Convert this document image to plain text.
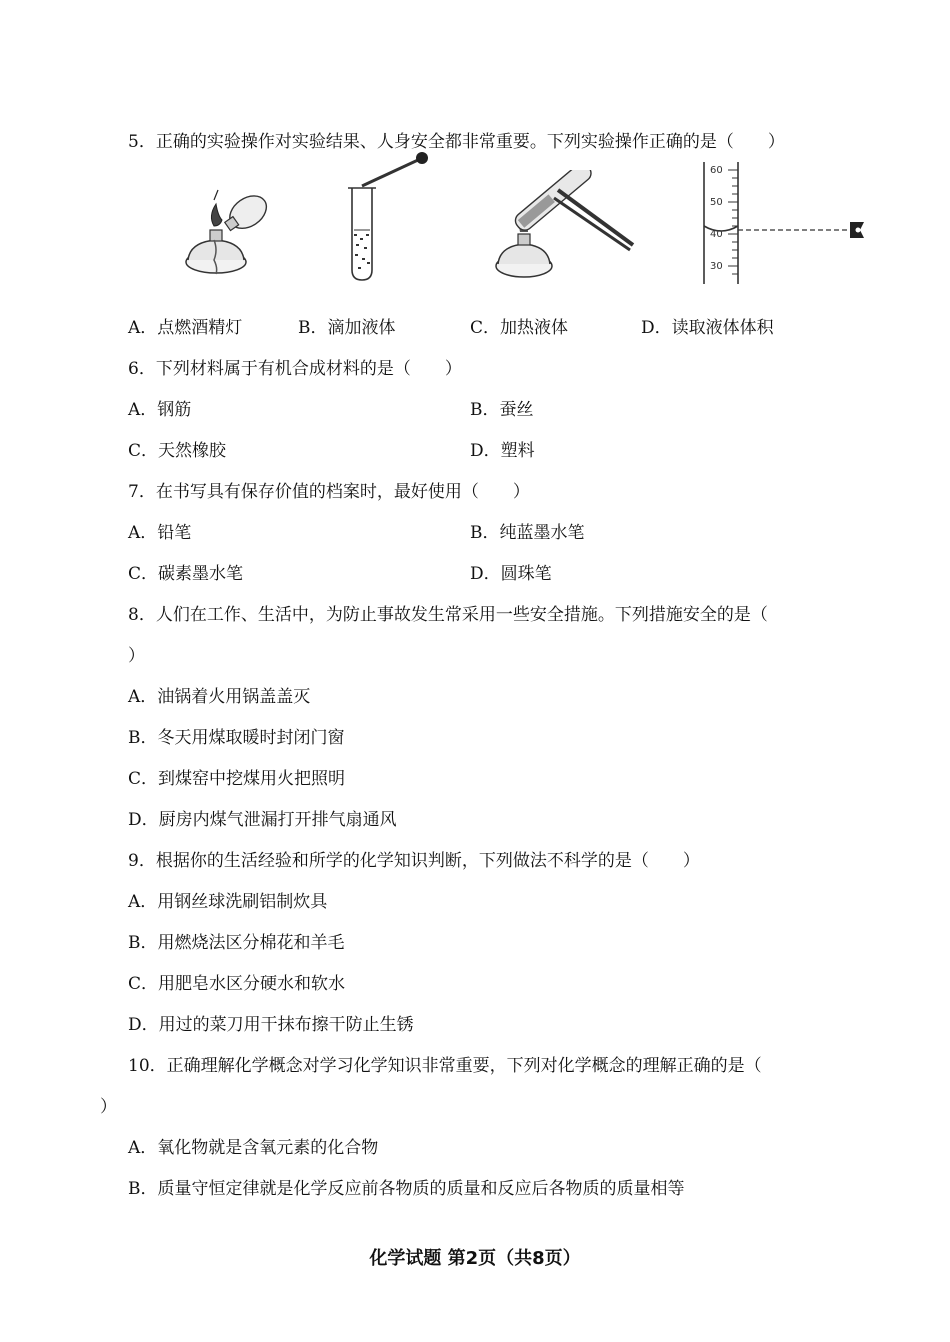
5．正确的实验操作对实验结果、人身安全都非常重要。下列实验操作正确的是（　　）
60
50
40
30
A．点燃酒精灯	B．滴加液体	C．加热液体	D．读取液体体积
6．下列材料属于有机合成材料的是（　　）
A．钢筋	B．蚕丝
C．天然橡胶	D．塑料
7．在书写具有保存价值的档案时，最好使用（　　）
A．铅笔	B．纯蓝墨水笔
C．碳素墨水笔	D．圆珠笔
8．人们在工作、生活中，为防止事故发生常采用一些安全措施。下列措施安全的是（
）
A．油锅着火用锅盖盖灭
B．冬天用煤取暖时封闭门窗
C．到煤窑中挖煤用火把照明
D．厨房内煤气泄漏打开排气扇通风
9．根据你的生活经验和所学的化学知识判断，下列做法不科学的是（　　）
A．用钢丝球洗刷铝制炊具
B．用燃烧法区分棉花和羊毛
C．用肥皂水区分硬水和软水
D．用过的菜刀用干抹布擦干防止生锈
10．正确理解化学概念对学习化学知识非常重要，下列对化学概念的理解正确的是（
）
A．氧化物就是含氧元素的化合物
B．质量守恒定律就是化学反应前各物质的质量和反应后各物质的质量相等
化学试题 第2页（共8页）
